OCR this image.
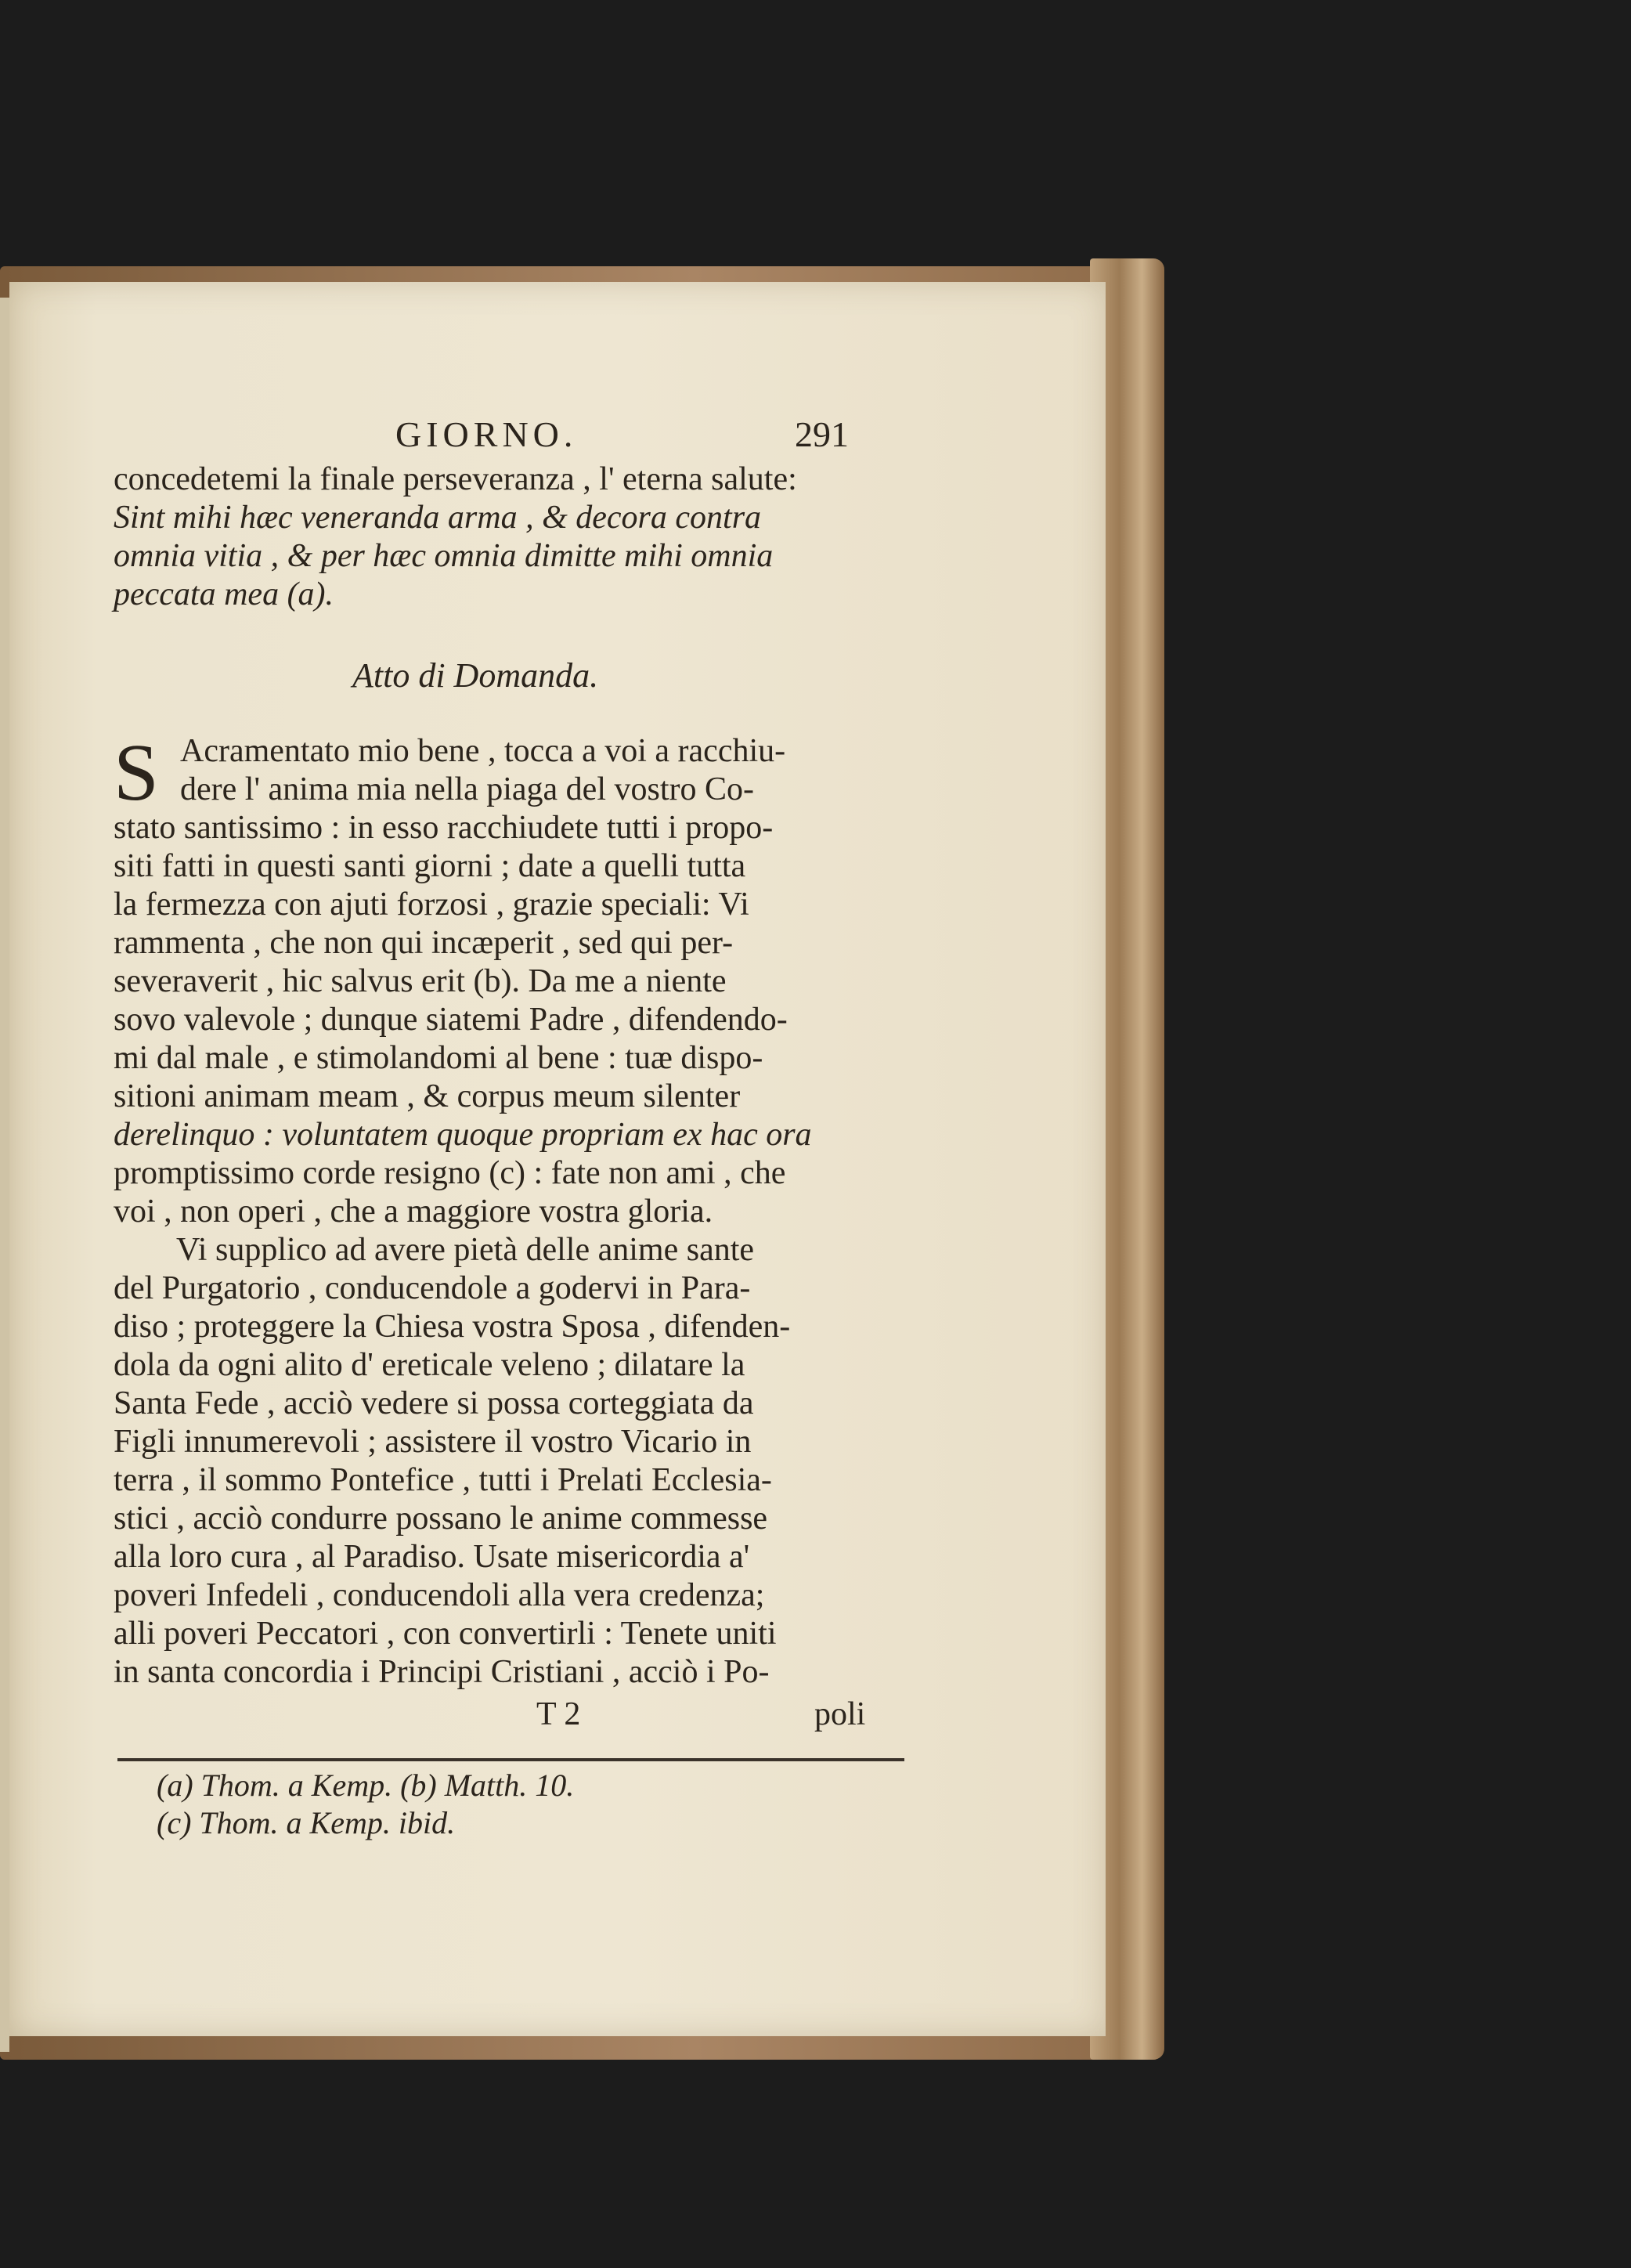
GIORNO.	291
concedetemi la finale perseveranza , l' eterna salute:
Sint mihi hæc veneranda arma , & decora contra
omnia vitia , & per hæc omnia dimitte mihi omnia
peccata mea (a).
Atto di Domanda.
S Acramentato mio bene , tocca a voi a racchiu-
dere l' anima mia nella piaga del vostro Co-
stato santissimo : in esso racchiudete tutti i propo-
siti fatti in questi santi giorni ; date a quelli tutta
la fermezza con ajuti forzosi , grazie speciali: Vi
rammenta , che non qui incæperit , sed qui per-
severaverit , hic salvus erit (b). Da me a niente
sovo valevole ; dunque siatemi Padre , difendendo-
mi dal male , e stimolandomi al bene : tuæ dispo-
sitioni animam meam , & corpus meum silenter
derelinquo : voluntatem quoque propriam ex hac ora
promptissimo corde resigno (c) : fate non ami , che
voi , non operi , che a maggiore vostra gloria.
Vi supplico ad avere pietà delle anime sante
del Purgatorio , conducendole a godervi in Para-
diso ; proteggere la Chiesa vostra Sposa , difenden-
dola da ogni alito d' ereticale veleno ; dilatare la
Santa Fede , acciò vedere si possa corteggiata da
Figli innumerevoli ; assistere il vostro Vicario in
terra , il sommo Pontefice , tutti i Prelati Ecclesia-
stici , acciò condurre possano le anime commesse
alla loro cura , al Paradiso. Usate misericordia a'
poveri Infedeli , conducendoli alla vera credenza;
alli poveri Peccatori , con convertirli : Tenete uniti
in santa concordia i Principi Cristiani , acciò i Po-
T 2	poli
(a) Thom. a Kemp. (b) Matth. 10.
(c) Thom. a Kemp. ibid.
